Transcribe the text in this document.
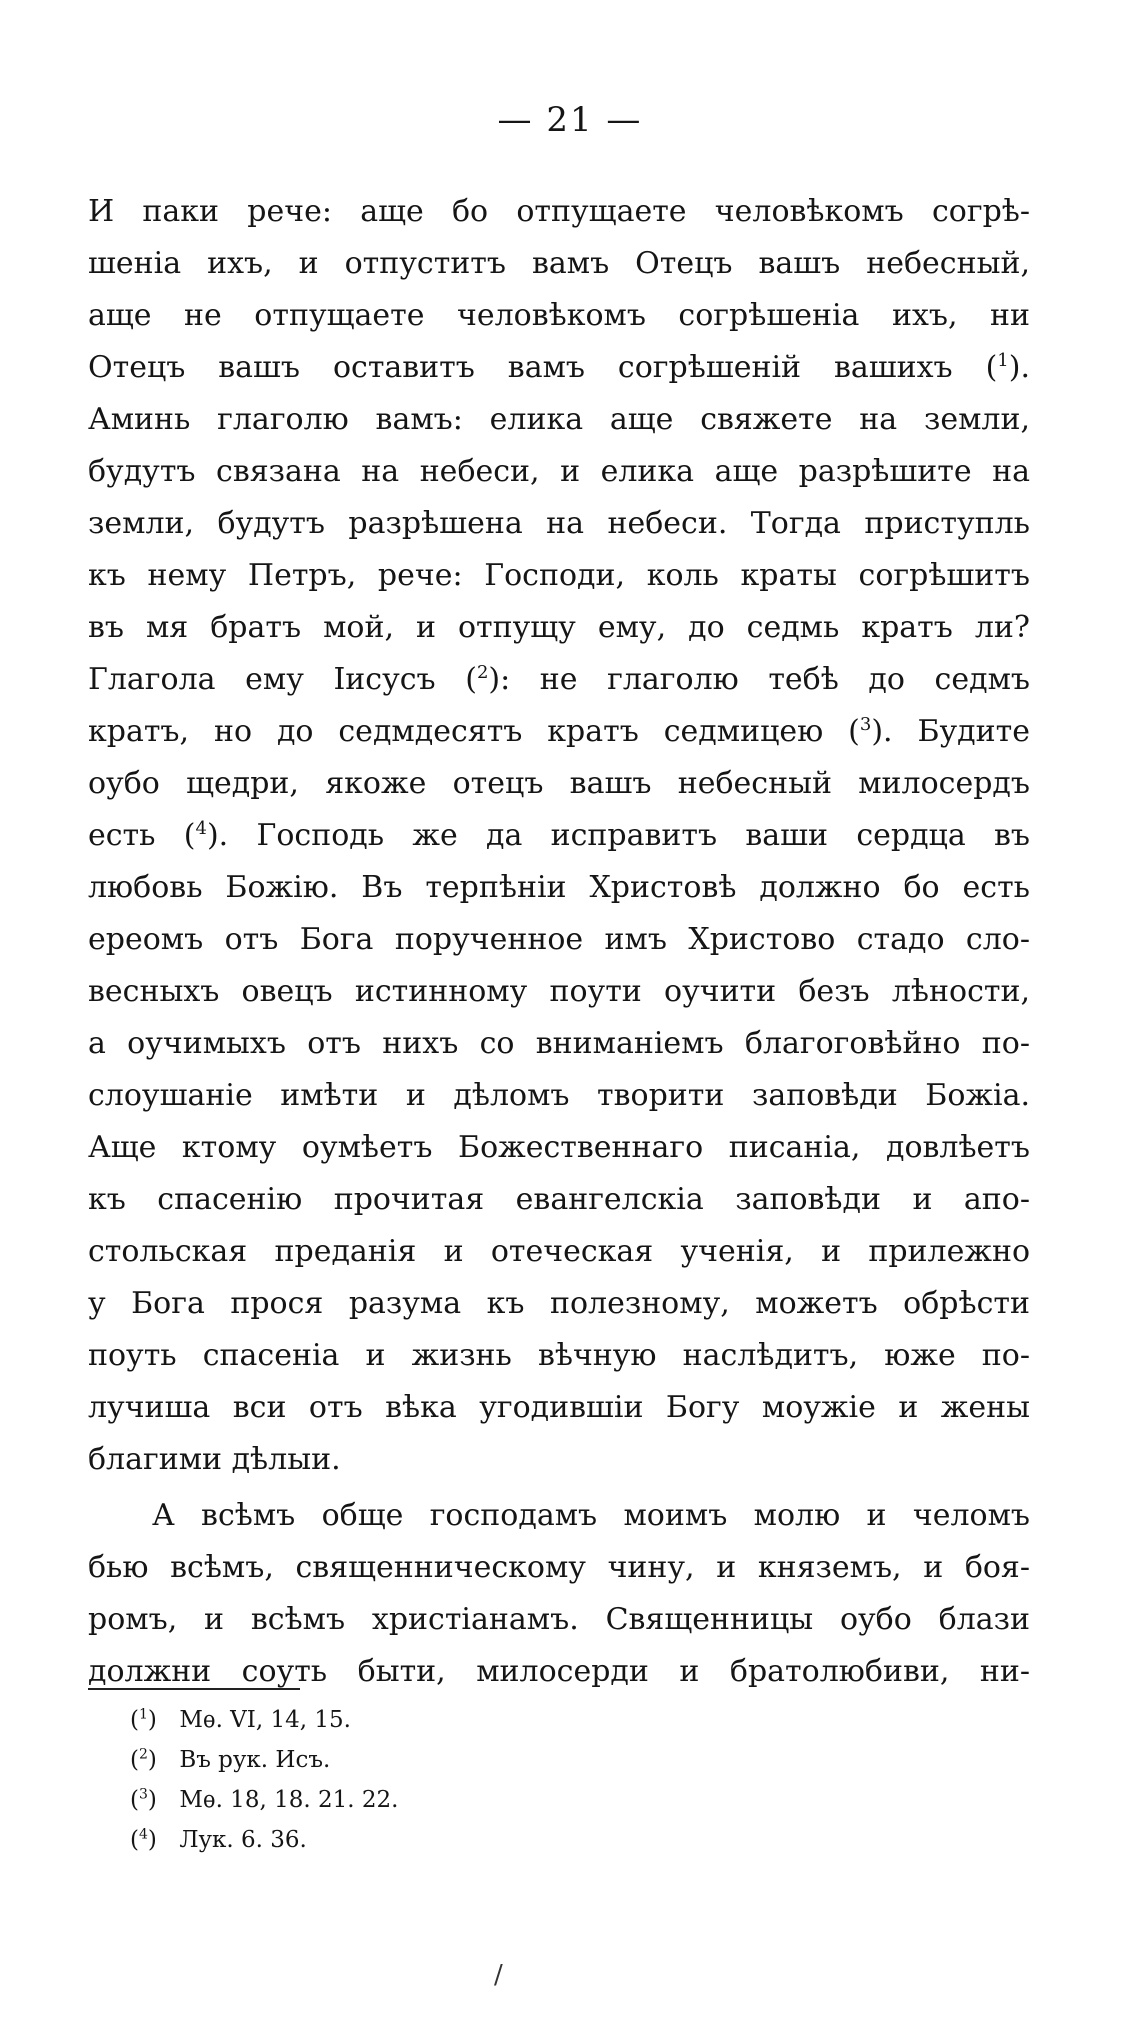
— 21 —
И паки рече: аще бо отпущаете человѣкомъ согрѣ-
шеніа ихъ, и отпуститъ вамъ Отецъ вашъ небесный,
аще не отпущаете человѣкомъ согрѣшеніа ихъ, ни
Отецъ вашъ оставитъ вамъ согрѣшеній вашихъ ($^1$).
Аминь глаголю вамъ: елика аще свяжете на земли,
будутъ связана на небеси, и елика аще разрѣшите на
земли, будутъ разрѣшена на небеси. Тогда приступль
къ нему Петръ, рече: Господи, коль краты согрѣшитъ
въ мя братъ мой, и отпущу ему, до седмь кратъ ли?
Глагола ему Іисусъ ($^2$): не глаголю тебѣ до седмъ
кратъ, но до седмдесятъ кратъ седмицею ($^3$). Будите
оубо щедри, якоже отецъ вашъ небесный милосердъ
есть ($^4$). Господь же да исправитъ ваши сердца въ
любовь Божію. Въ терпѣніи Христовѣ должно бо есть
ереомъ отъ Бога порученное имъ Христово стадо сло-
весныхъ овецъ истинному поути оучити безъ лѣности,
а оучимыхъ отъ нихъ со вниманіемъ благоговѣйно по-
слоушаніе имѣти и дѣломъ творити заповѣди Божіа.
Аще ктому оумѣетъ Божественнаго писаніа, довлѣетъ
къ спасенію прочитая евангелскіа заповѣди и апо-
стольская преданія и отеческая ученія, и прилежно
у Бога прося разума къ полезному, можетъ обрѣсти
поуть спасеніа и жизнь вѣчную наслѣдитъ, юже по-
лучиша вси отъ вѣка угодившіи Богу моужіе и жены
благими дѣлыи.
А всѣмъ обще господамъ моимъ молю и челомъ
бью всѣмъ, священническому чину, и княземъ, и боя-
ромъ, и всѣмъ христіанамъ. Священницы оубо блази
должни соуть быти, милосерди и братолюбиви, ни-
($^1$) Мѳ. VI, 14, 15.
($^2$) Въ рук. Исъ.
($^3$) Мѳ. 18, 18. 21. 22.
($^4$) Лук. 6. 36.
/
